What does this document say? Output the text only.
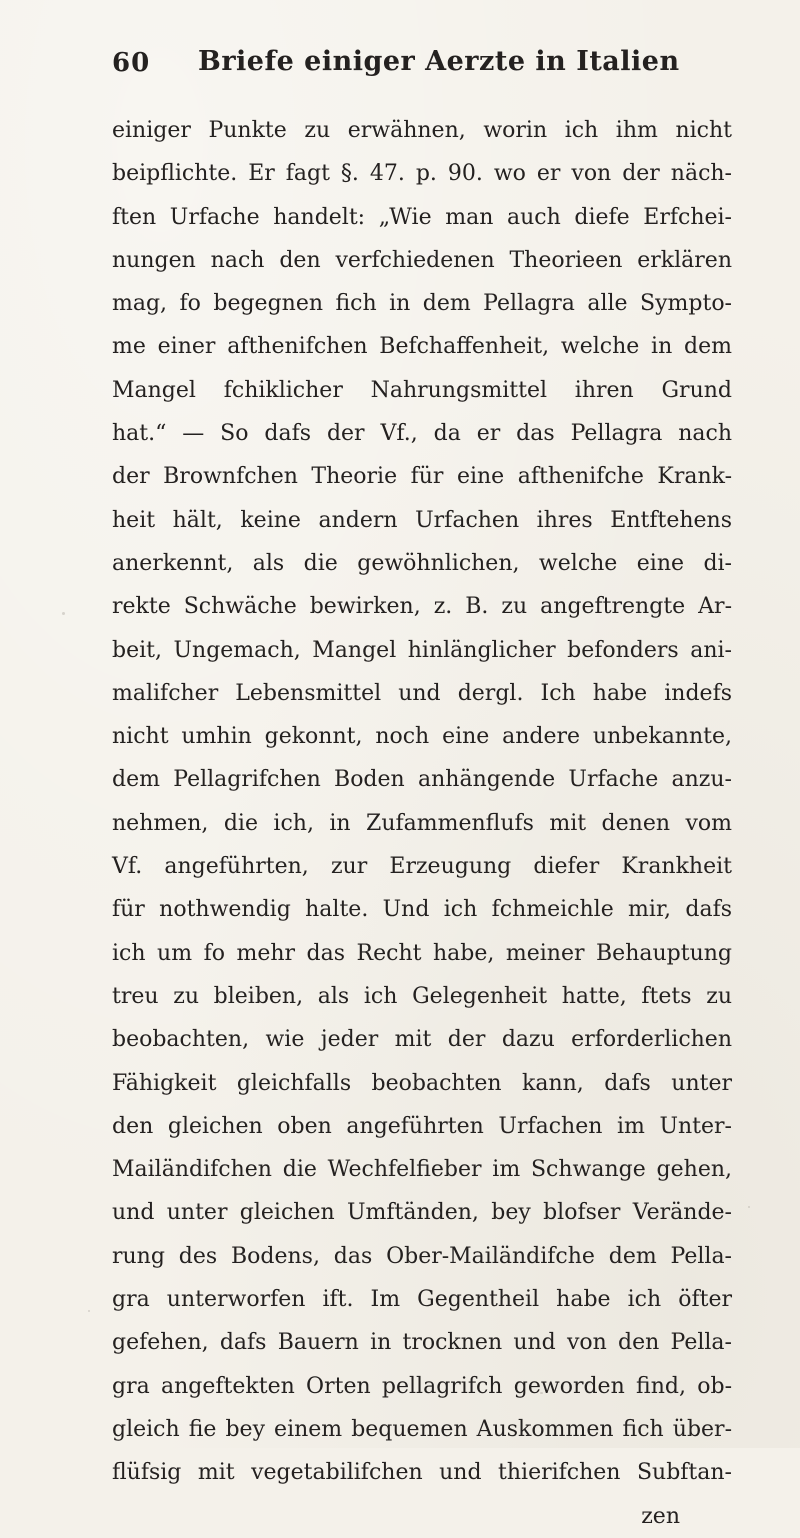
60 Briefe einiger Aerzte in Italien
einiger Punkte zu erwähnen, worin ich ihm nicht
beipflichte. Er fagt §. 47. p. 90. wo er von der näch-
ften Urfache handelt: „Wie man auch diefe Erfchei-
nungen nach den verfchiedenen Theorieen erklären
mag, fo begegnen fich in dem Pellagra alle Sympto-
me einer afthenifchen Befchaffenheit, welche in dem
Mangel fchiklicher Nahrungsmittel ihren Grund
hat.“ — So dafs der Vf., da er das Pellagra nach
der Brownfchen Theorie für eine afthenifche Krank-
heit hält, keine andern Urfachen ihres Entftehens
anerkennt, als die gewöhnlichen, welche eine di-
rekte Schwäche bewirken, z. B. zu angeftrengte Ar-
beit, Ungemach, Mangel hinlänglicher befonders ani-
malifcher Lebensmittel und dergl. Ich habe indefs
nicht umhin gekonnt, noch eine andere unbekannte,
dem Pellagrifchen Boden anhängende Urfache anzu-
nehmen, die ich, in Zufammenflufs mit denen vom
Vf. angeführten, zur Erzeugung diefer Krankheit
für nothwendig halte. Und ich fchmeichle mir, dafs
ich um fo mehr das Recht habe, meiner Behauptung
treu zu bleiben, als ich Gelegenheit hatte, ftets zu
beobachten, wie jeder mit der dazu erforderlichen
Fähigkeit gleichfalls beobachten kann, dafs unter
den gleichen oben angeführten Urfachen im Unter-
Mailändifchen die Wechfelfieber im Schwange gehen,
und unter gleichen Umftänden, bey blofser Verände-
rung des Bodens, das Ober-Mailändifche dem Pella-
gra unterworfen ift. Im Gegentheil habe ich öfter
gefehen, dafs Bauern in trocknen und von den Pella-
gra angeftekten Orten pellagrifch geworden find, ob-
gleich fie bey einem bequemen Auskommen fich über-
flüfsig mit vegetabilifchen und thierifchen Subftan-
zen
